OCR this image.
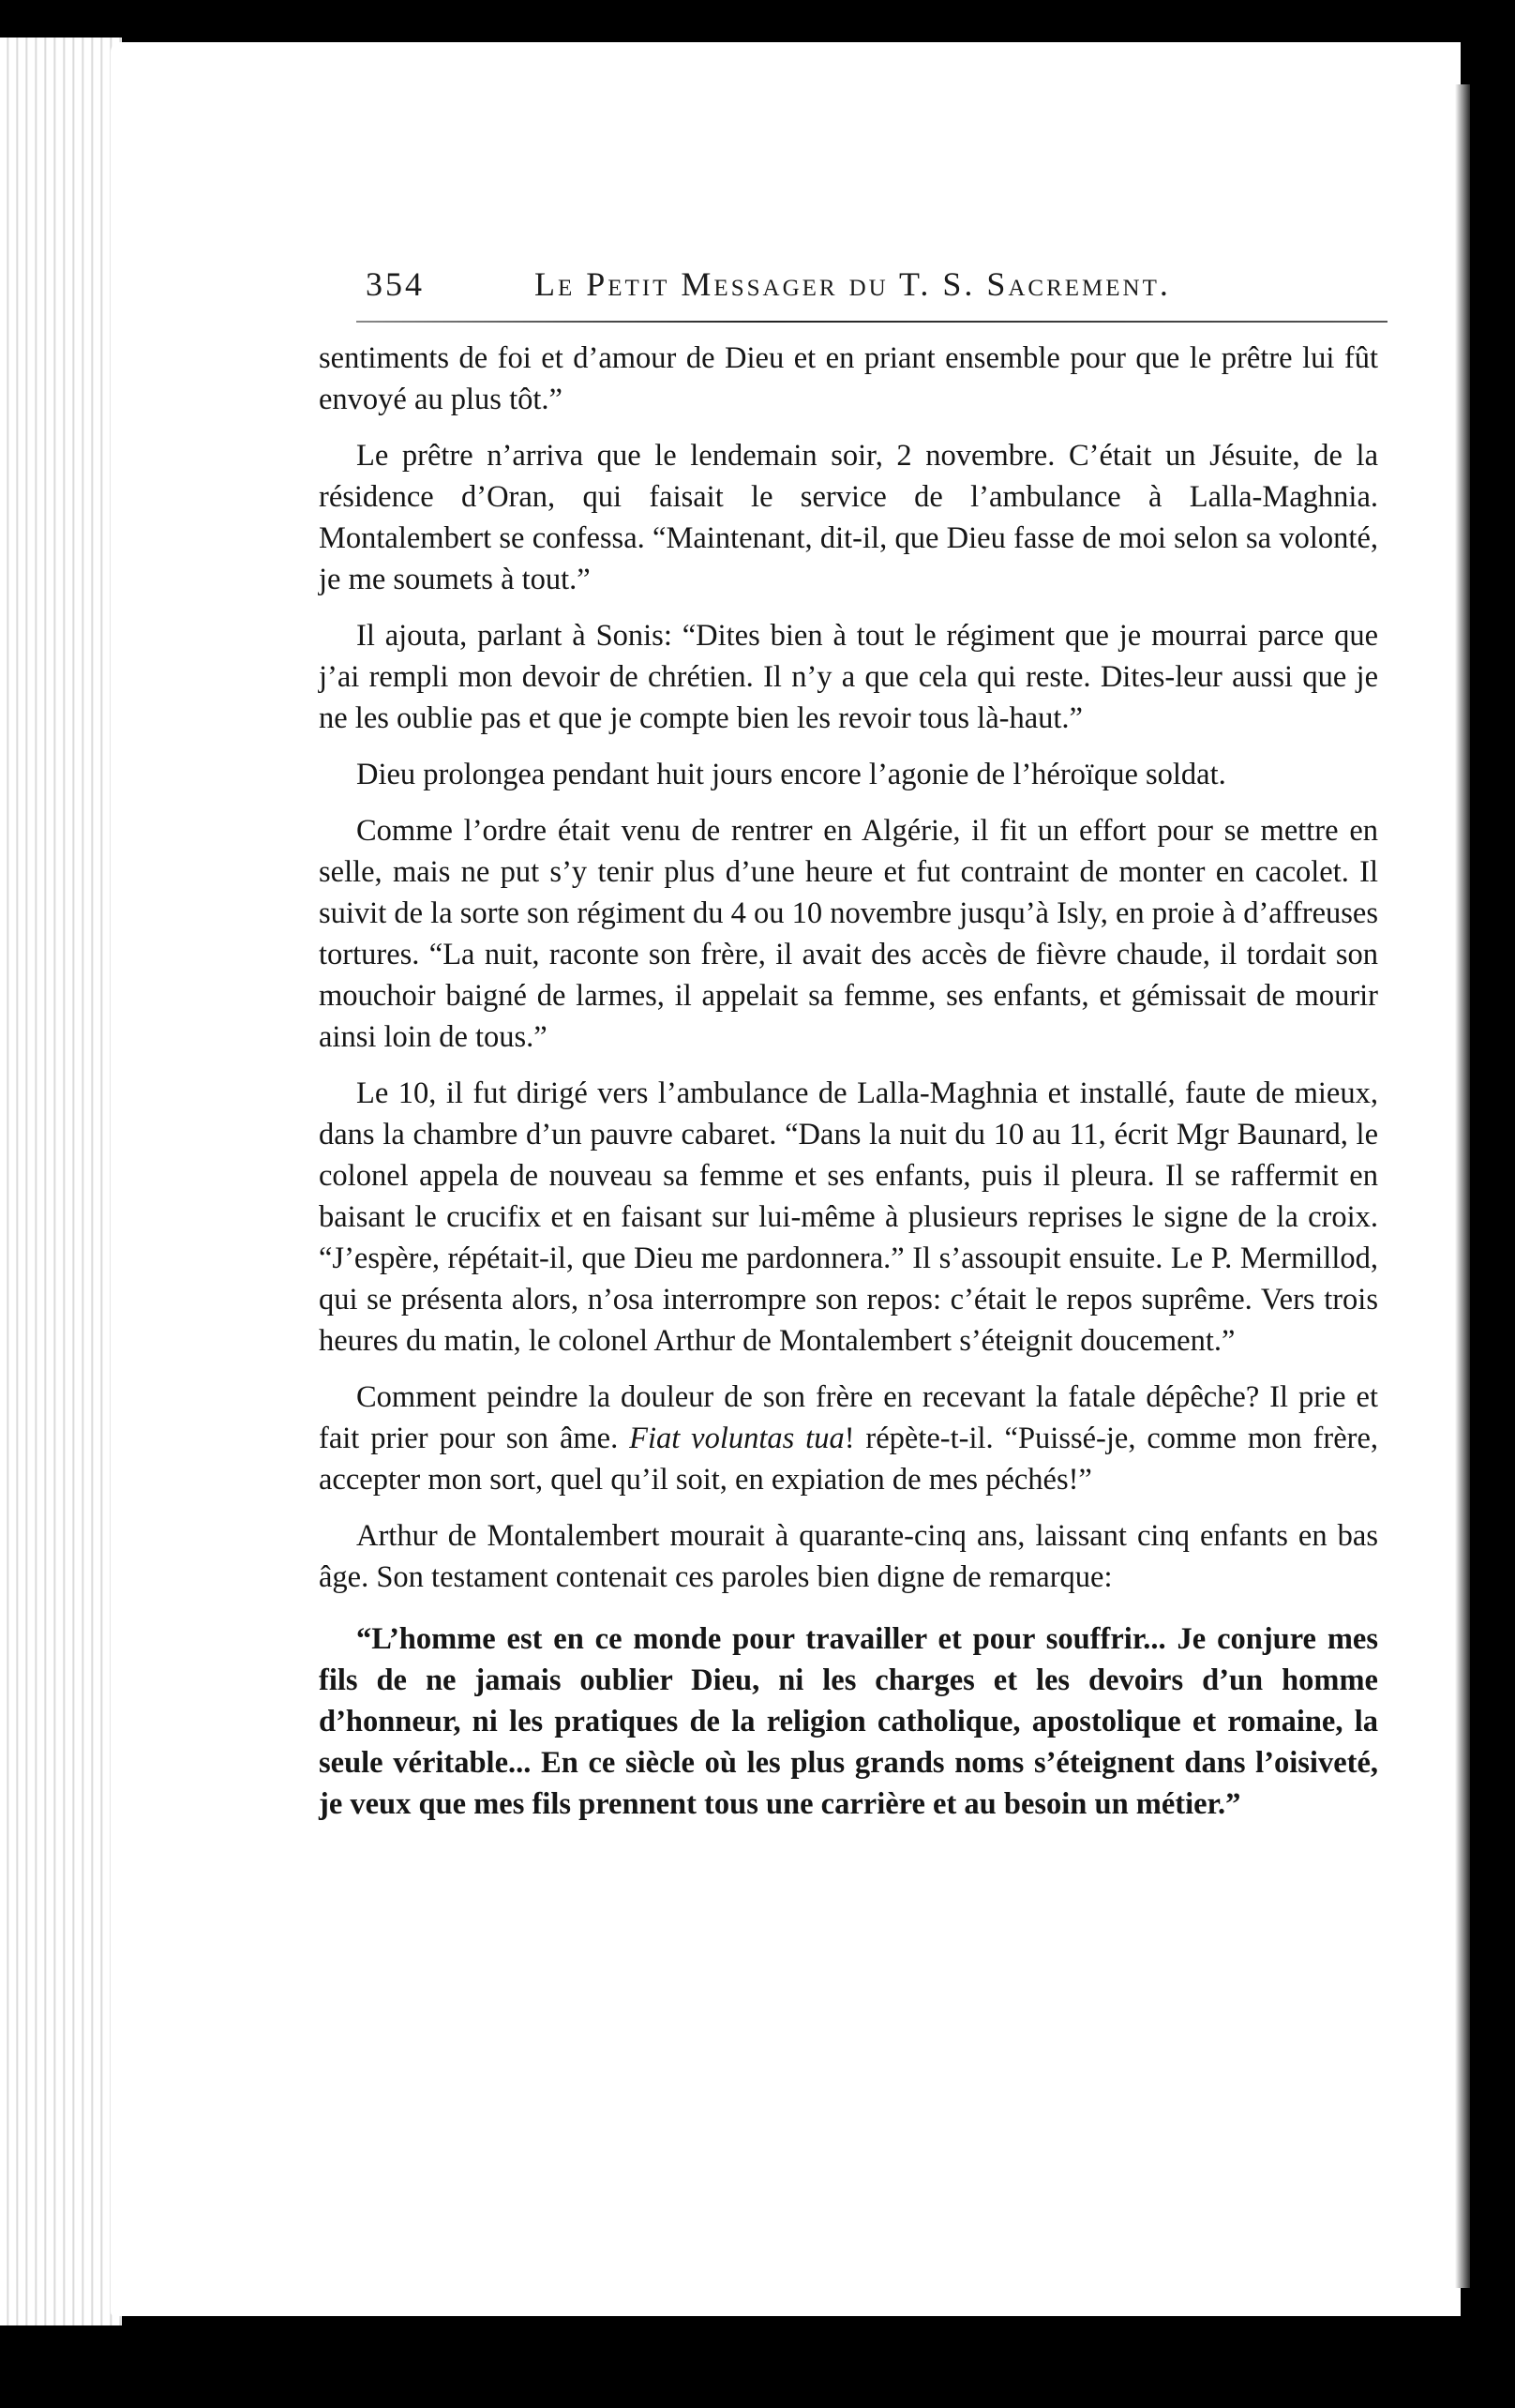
354	Le Petit Messager du T. S. Sacrement.

sentiments de foi et d’amour de Dieu et en priant ensemble pour que le prêtre lui fût envoyé au plus tôt.”

Le prêtre n’arriva que le lendemain soir, 2 novembre. C’était un Jésuite, de la résidence d’Oran, qui faisait le service de l’ambulance à Lalla-Maghnia. Montalembert se confessa. “Maintenant, dit-il, que Dieu fasse de moi selon sa volonté, je me soumets à tout.”

Il ajouta, parlant à Sonis: “Dites bien à tout le régiment que je mourrai parce que j’ai rempli mon devoir de chrétien. Il n’y a que cela qui reste. Dites-leur aussi que je ne les oublie pas et que je compte bien les revoir tous là-haut.”

Dieu prolongea pendant huit jours encore l’agonie de l’héroïque soldat.

Comme l’ordre était venu de rentrer en Algérie, il fit un effort pour se mettre en selle, mais ne put s’y tenir plus d’une heure et fut contraint de monter en cacolet. Il suivit de la sorte son régiment du 4 ou 10 novembre jusqu’à Isly, en proie à d’affreuses tortures. “La nuit, raconte son frère, il avait des accès de fièvre chaude, il tordait son mouchoir baigné de larmes, il appelait sa femme, ses enfants, et gémissait de mourir ainsi loin de tous.”

Le 10, il fut dirigé vers l’ambulance de Lalla-Maghnia et installé, faute de mieux, dans la chambre d’un pauvre cabaret. “Dans la nuit du 10 au 11, écrit Mgr Baunard, le colonel appela de nouveau sa femme et ses enfants, puis il pleura. Il se raffermit en baisant le crucifix et en faisant sur lui-même à plusieurs reprises le signe de la croix. “J’espère, répétait-il, que Dieu me pardonnera.” Il s’assoupit ensuite. Le P. Mermillod, qui se présenta alors, n’osa interrompre son repos: c’était le repos suprême. Vers trois heures du matin, le colonel Arthur de Montalembert s’éteignit doucement.”

Comment peindre la douleur de son frère en recevant la fatale dépêche? Il prie et fait prier pour son âme. Fiat voluntas tua! répète-t-il. “Puissé-je, comme mon frère, accepter mon sort, quel qu’il soit, en expiation de mes péchés!”

Arthur de Montalembert mourait à quarante-cinq ans, laissant cinq enfants en bas âge. Son testament contenait ces paroles bien digne de remarque:

“L’homme est en ce monde pour travailler et pour souffrir... Je conjure mes fils de ne jamais oublier Dieu, ni les charges et les devoirs d’un homme d’honneur, ni les pratiques de la religion catholique, apostolique et romaine, la seule véritable... En ce siècle où les plus grands noms s’éteignent dans l’oisiveté, je veux que mes fils prennent tous une carrière et au besoin un métier.”
